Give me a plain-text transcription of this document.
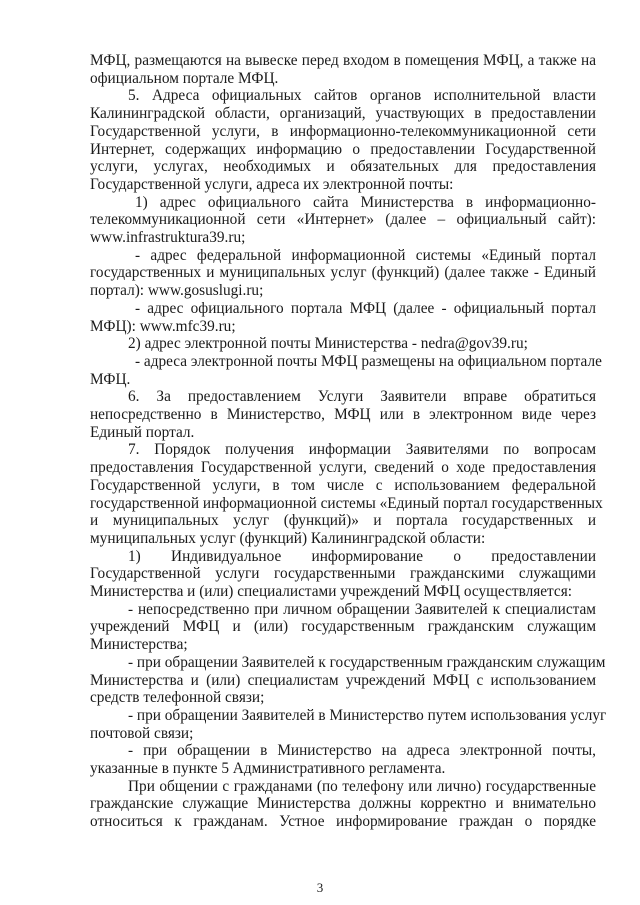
МФЦ, размещаются на вывеске перед входом в помещения МФЦ, а также на
официальном портале МФЦ.
5. Адреса официальных сайтов органов исполнительной власти
Калининградской области, организаций, участвующих в предоставлении
Государственной услуги, в информационно-телекоммуникационной сети
Интернет, содержащих информацию о предоставлении Государственной
услуги, услугах, необходимых и обязательных для предоставления
Государственной услуги, адреса их электронной почты:
1) адрес официального сайта Министерства в информационно-
телекоммуникационной сети «Интернет» (далее – официальный сайт):
www.infrastruktura39.ru;
- адрес федеральной информационной системы «Единый портал
государственных и муниципальных услуг (функций) (далее также - Единый
портал): www.gosuslugi.ru;
- адрес официального портала МФЦ (далее - официальный портал
МФЦ): www.mfc39.ru;
2) адрес электронной почты Министерства - nedra@gov39.ru;
- адреса электронной почты МФЦ размещены на официальном портале
МФЦ.
6. За предоставлением Услуги Заявители вправе обратиться
непосредственно в Министерство, МФЦ или в электронном виде через
Единый портал.
7. Порядок получения информации Заявителями по вопросам
предоставления Государственной услуги, сведений о ходе предоставления
Государственной услуги, в том числе с использованием федеральной
государственной информационной системы «Единый портал государственных
и муниципальных услуг (функций)» и портала государственных и
муниципальных услуг (функций) Калининградской области:
1) Индивидуальное информирование о предоставлении
Государственной услуги государственными гражданскими служащими
Министерства и (или) специалистами учреждений МФЦ осуществляется:
- непосредственно при личном обращении Заявителей к специалистам
учреждений МФЦ и (или) государственным гражданским служащим
Министерства;
- при обращении Заявителей к государственным гражданским служащим
Министерства и (или) специалистам учреждений МФЦ с использованием
средств телефонной связи;
- при обращении Заявителей в Министерство путем использования услуг
почтовой связи;
- при обращении в Министерство на адреса электронной почты,
указанные в пункте 5 Административного регламента.
При общении с гражданами (по телефону или лично) государственные
гражданские служащие Министерства должны корректно и внимательно
относиться к гражданам. Устное информирование граждан о порядке
3
